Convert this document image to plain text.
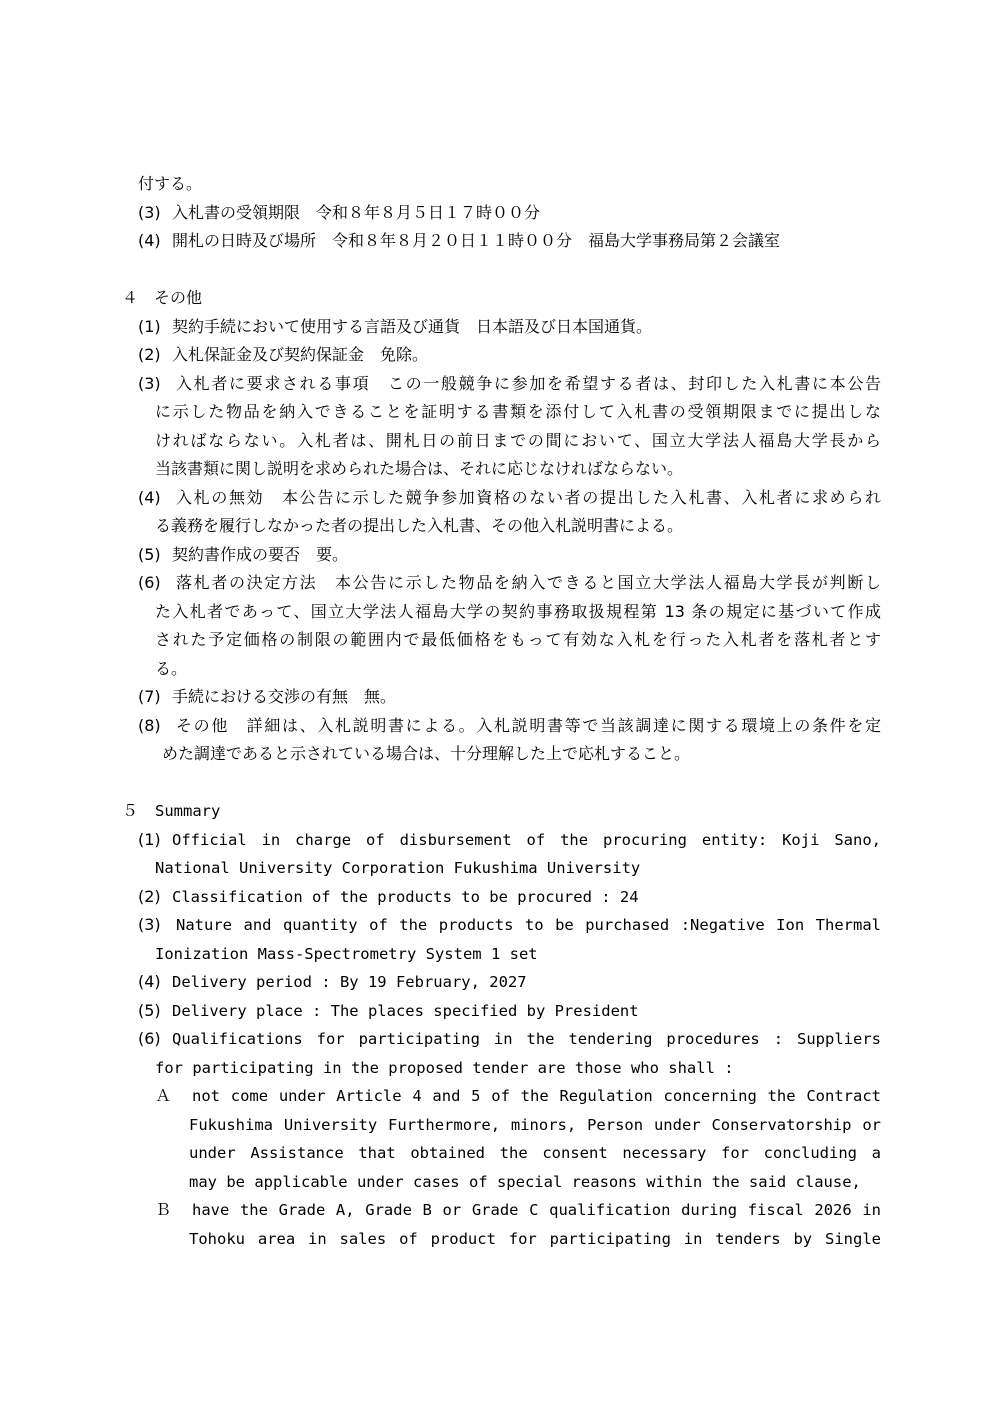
付する。
(3) 入札書の受領期限　令和８年８月５日１７時００分
(4) 開札の日時及び場所　令和８年８月２０日１１時００分　福島大学事務局第２会議室
４　その他
(1) 契約手続において使用する言語及び通貨　日本語及び日本国通貨。
(2) 入札保証金及び契約保証金　免除。
(3) 入札者に要求される事項　この一般競争に参加を希望する者は、封印した入札書に本公告
に示した物品を納入できることを証明する書類を添付して入札書の受領期限までに提出しな
ければならない。入札者は、開札日の前日までの間において、国立大学法人福島大学長から
当該書類に関し説明を求められた場合は、それに応じなければならない。
(4) 入札の無効　本公告に示した競争参加資格のない者の提出した入札書、入札者に求められ
る義務を履行しなかった者の提出した入札書、その他入札説明書による。
(5) 契約書作成の要否　要。
(6) 落札者の決定方法　本公告に示した物品を納入できると国立大学法人福島大学長が判断し
た入札者であって、国立大学法人福島大学の契約事務取扱規程第 13 条の規定に基づいて作成
された予定価格の制限の範囲内で最低価格をもって有効な入札を行った入札者を落札者とす
る。
(7) 手続における交渉の有無　無。
(8) その他　詳細は、入札説明書による。入札説明書等で当該調達に関する環境上の条件を定
めた調達であると示されている場合は、十分理解した上で応札すること。
５ Summary
(1) Official in charge of disbursement of the procuring entity: Koji Sano,
National University Corporation Fukushima University
(2) Classification of the products to be procured : 24
(3) Nature and quantity of the products to be purchased :Negative Ion Thermal
Ionization Mass-Spectrometry System 1 set
(4) Delivery period : By 19 February, 2027
(5) Delivery place : The places specified by President
(6) Qualifications for participating in the tendering procedures : Suppliers
for participating in the proposed tender are those who shall :
Ａ not come under Article 4 and 5 of the Regulation concerning the Contract
Fukushima University Furthermore, minors, Person under Conservatorship or
under Assistance that obtained the consent necessary for concluding a
may be applicable under cases of special reasons within the said clause,
Ｂ have the Grade A, Grade B or Grade C qualification during fiscal 2026 in
Tohoku area in sales of product for participating in tenders by Single
